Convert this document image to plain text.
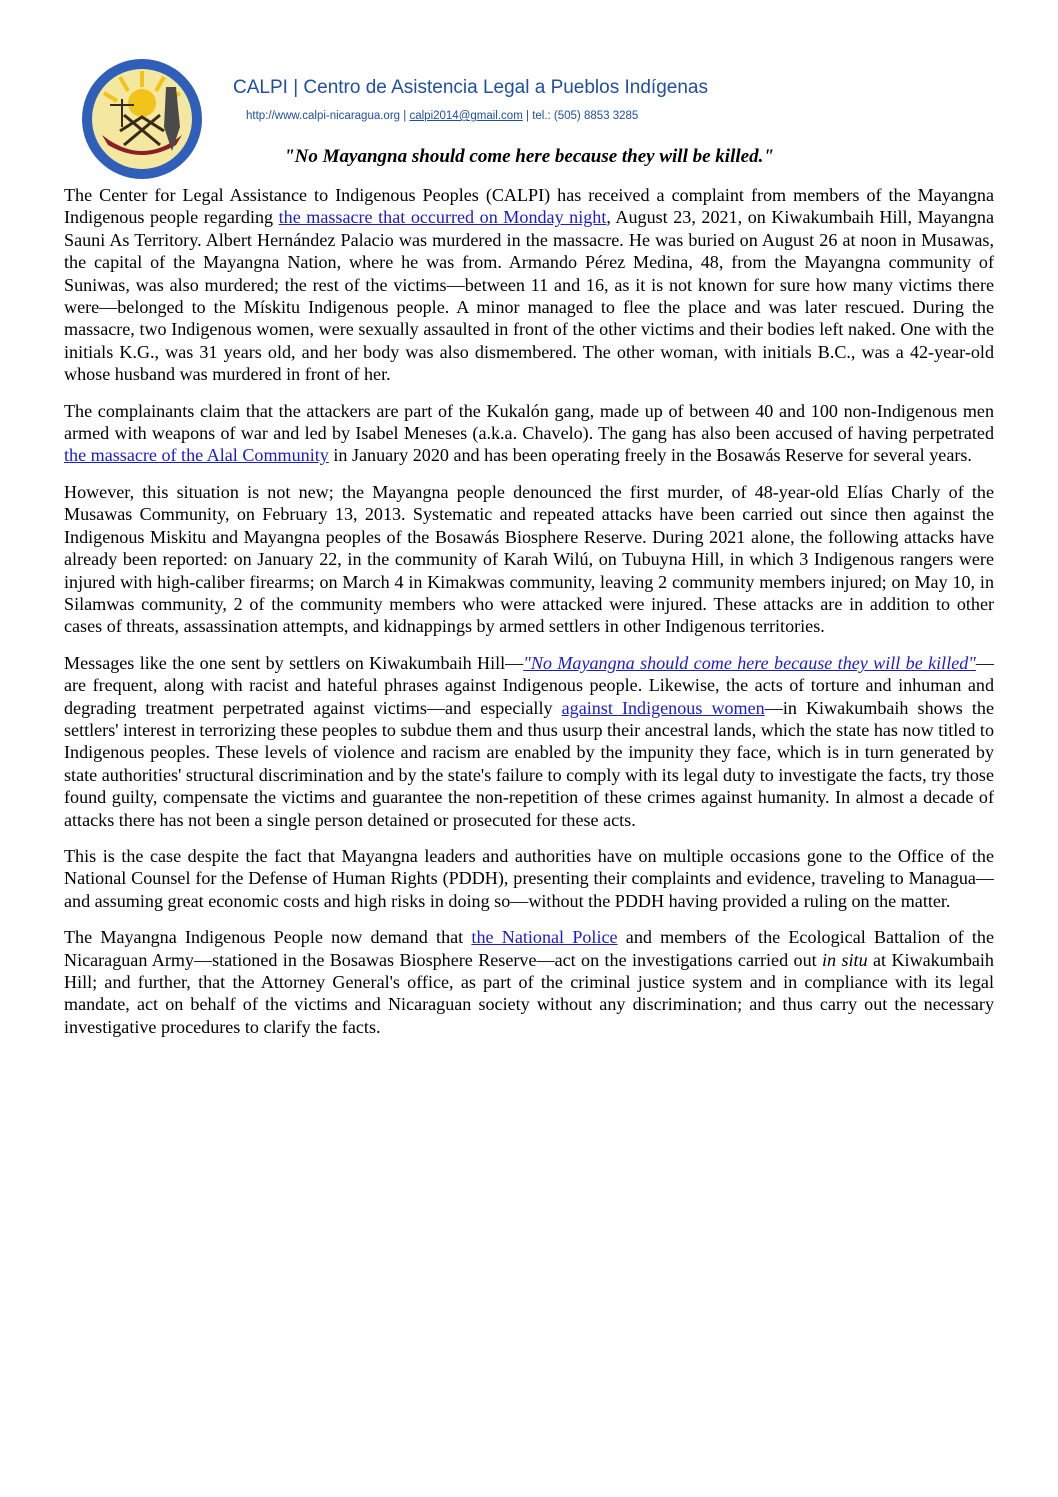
CALPI | Centro de Asistencia Legal a Pueblos Indígenas
http://www.calpi-nicaragua.org | calpi2014@gmail.com | tel.: (505) 8853 3285
"No Mayangna should come here because they will be killed."

The Center for Legal Assistance to Indigenous Peoples (CALPI) has received a complaint from members of the Mayangna Indigenous people regarding the massacre that occurred on Monday night, August 23, 2021, on Kiwakumbaih Hill, Mayangna Sauni As Territory. Albert Hernández Palacio was murdered in the massacre. He was buried on August 26 at noon in Musawas, the capital of the Mayangna Nation, where he was from. Armando Pérez Medina, 48, from the Mayangna community of Suniwas, was also murdered; the rest of the victims—between 11 and 16, as it is not known for sure how many victims there were—belonged to the Mískitu Indigenous people. A minor managed to flee the place and was later rescued. During the massacre, two Indigenous women, were sexually assaulted in front of the other victims and their bodies left naked. One with the initials K.G., was 31 years old, and her body was also dismembered. The other woman, with initials B.C., was a 42-year-old whose husband was murdered in front of her.

The complainants claim that the attackers are part of the Kukalón gang, made up of between 40 and 100 non-Indigenous men armed with weapons of war and led by Isabel Meneses (a.k.a. Chavelo). The gang has also been accused of having perpetrated the massacre of the Alal Community in January 2020 and has been operating freely in the Bosawás Reserve for several years.

However, this situation is not new; the Mayangna people denounced the first murder, of 48-year-old Elías Charly of the Musawas Community, on February 13, 2013. Systematic and repeated attacks have been carried out since then against the Indigenous Miskitu and Mayangna peoples of the Bosawás Biosphere Reserve. During 2021 alone, the following attacks have already been reported: on January 22, in the community of Karah Wilú, on Tubuyna Hill, in which 3 Indigenous rangers were injured with high-caliber firearms; on March 4 in Kimakwas community, leaving 2 community members injured; on May 10, in Silamwas community, 2 of the community members who were attacked were injured. These attacks are in addition to other cases of threats, assassination attempts, and kidnappings by armed settlers in other Indigenous territories.

Messages like the one sent by settlers on Kiwakumbaih Hill—"No Mayangna should come here because they will be killed"—are frequent, along with racist and hateful phrases against Indigenous people. Likewise, the acts of torture and inhuman and degrading treatment perpetrated against victims—and especially against Indigenous women—in Kiwakumbaih shows the settlers' interest in terrorizing these peoples to subdue them and thus usurp their ancestral lands, which the state has now titled to Indigenous peoples. These levels of violence and racism are enabled by the impunity they face, which is in turn generated by state authorities' structural discrimination and by the state's failure to comply with its legal duty to investigate the facts, try those found guilty, compensate the victims and guarantee the non-repetition of these crimes against humanity. In almost a decade of attacks there has not been a single person detained or prosecuted for these acts.

This is the case despite the fact that Mayangna leaders and authorities have on multiple occasions gone to the Office of the National Counsel for the Defense of Human Rights (PDDH), presenting their complaints and evidence, traveling to Managua—and assuming great economic costs and high risks in doing so—without the PDDH having provided a ruling on the matter.

The Mayangna Indigenous People now demand that the National Police and members of the Ecological Battalion of the Nicaraguan Army—stationed in the Bosawas Biosphere Reserve—act on the investigations carried out in situ at Kiwakumbaih Hill; and further, that the Attorney General's office, as part of the criminal justice system and in compliance with its legal mandate, act on behalf of the victims and Nicaraguan society without any discrimination; and thus carry out the necessary investigative procedures to clarify the facts.
